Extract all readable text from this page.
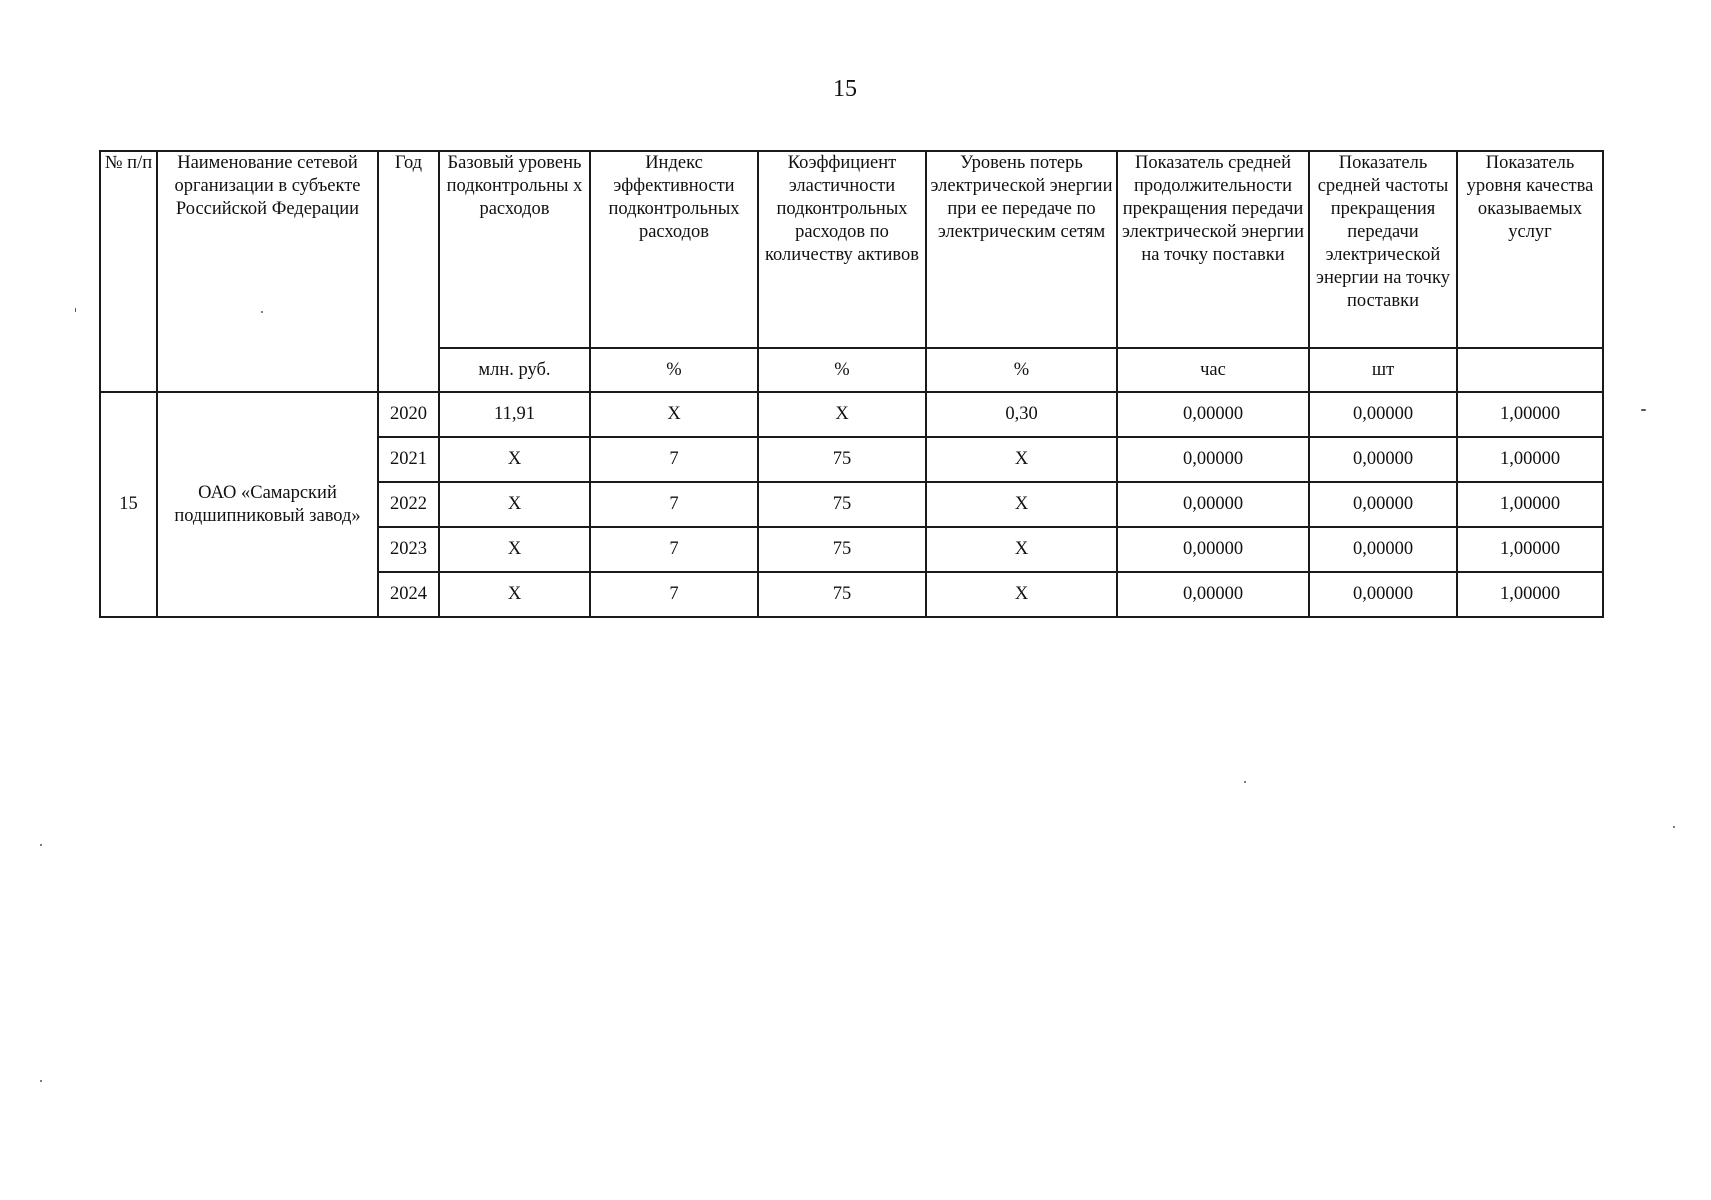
15
№ п/п	Наименование сетевой организации в субъекте Российской Федерации	Год	Базовый уровень подконтрольны х расходов	Индекс эффективности подконтрольных расходов	Коэффициент эластичности подконтрольных расходов по количеству активов	Уровень потерь электрической энергии при ее передаче по электрическим сетям	Показатель средней продолжительности прекращения передачи электрической энергии на точку поставки	Показатель средней частоты прекращения передачи электрической энергии на точку поставки	Показатель уровня качества оказываемых услуг
			млн. руб.	%	%	%	час	шт	
15	ОАО «Самарский подшипниковый завод»	2020	11,91	Х	Х	0,30	0,00000	0,00000	1,00000
		2021	Х	7	75	Х	0,00000	0,00000	1,00000
		2022	Х	7	75	Х	0,00000	0,00000	1,00000
		2023	Х	7	75	Х	0,00000	0,00000	1,00000
		2024	Х	7	75	Х	0,00000	0,00000	1,00000
